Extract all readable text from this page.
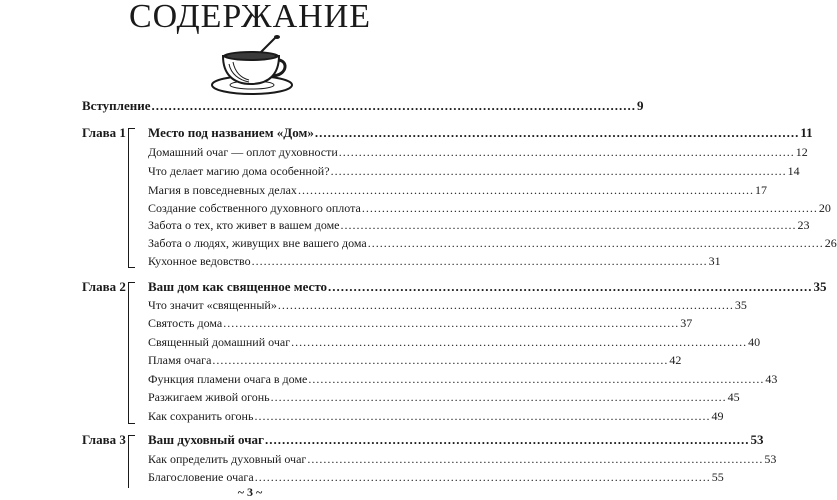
СОДЕРЖАНИЕ
Вступление .................................................................................................................. 9
Глава 1 Место под названием «Дом» .................................................................................................................. 11
Домашний очаг — оплот духовности .................................................................................................................. 12
Что делает магию дома особенной? .................................................................................................................. 14
Магия в повседневных делах .................................................................................................................. 17
Создание собственного духовного оплота .................................................................................................................. 20
Забота о тех, кто живет в вашем доме .................................................................................................................. 23
Забота о людях, живущих вне вашего дома .................................................................................................................. 26
Кухонное ведовство .................................................................................................................. 31
Глава 2 Ваш дом как священное место .................................................................................................................. 35
Что значит «священный» .................................................................................................................. 35
Святость дома .................................................................................................................. 37
Священный домашний очаг .................................................................................................................. 40
Пламя очага .................................................................................................................. 42
Функция пламени очага в доме .................................................................................................................. 43
Разжигаем живой огонь .................................................................................................................. 45
Как сохранить огонь .................................................................................................................. 49
Глава 3 Ваш духовный очаг .................................................................................................................. 53
Как определить духовный очаг .................................................................................................................. 53
Благословение очага .................................................................................................................. 55
~ 3 ~
